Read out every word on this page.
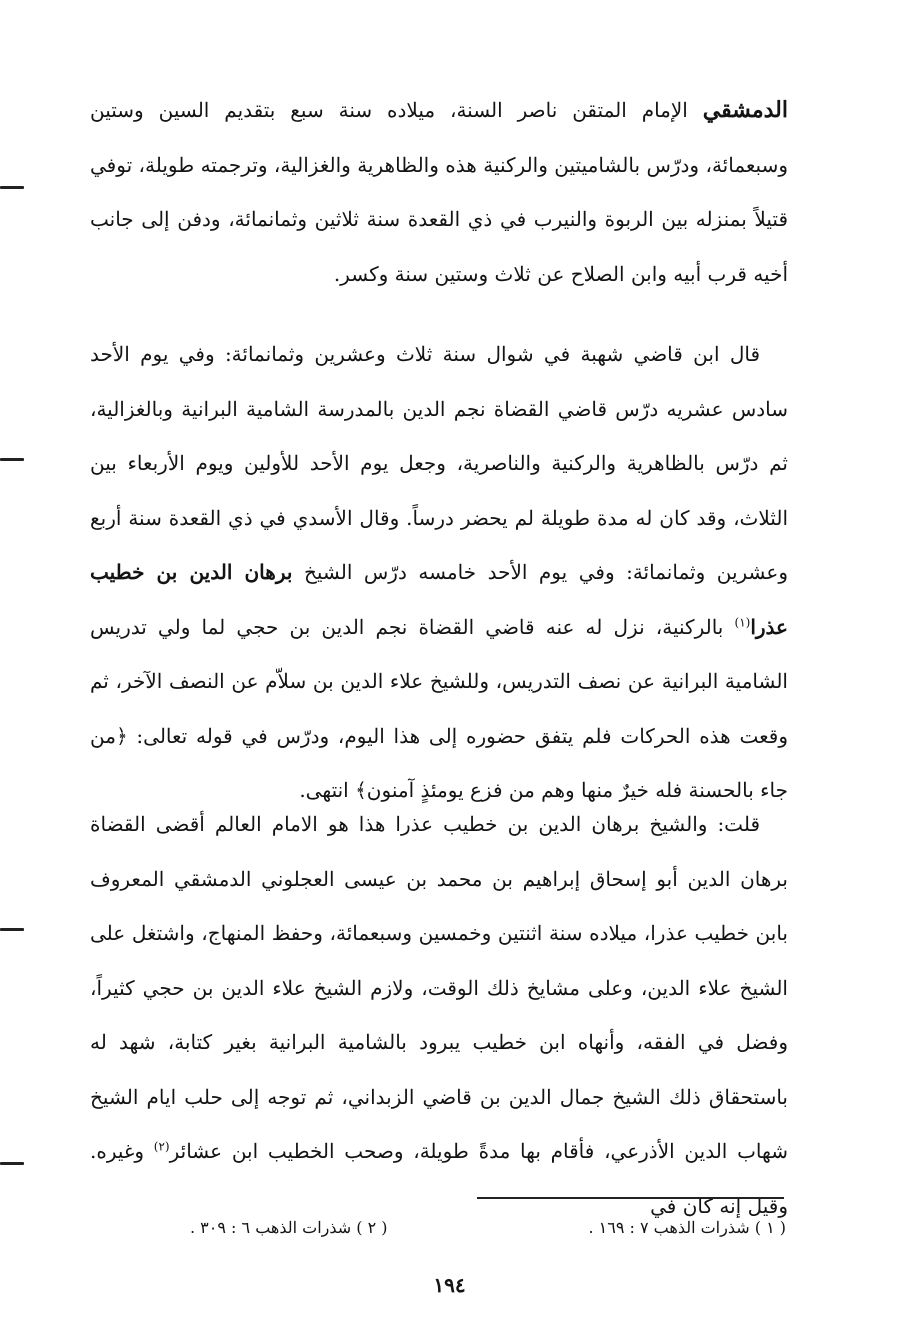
الدمشقي الإمام المتقن ناصر السنة، ميلاده سنة سبع بتقديم السين وستين وسبعمائة، ودرّس بالشاميتين والركنية هذه والظاهرية والغزالية، وترجمته طويلة، توفي قتيلاً بمنزله بين الربوة والنيرب في ذي القعدة سنة ثلاثين وثمانمائة، ودفن إلى جانب أخيه قرب أبيه وابن الصلاح عن ثلاث وستين سنة وكسر.

قال ابن قاضي شهبة في شوال سنة ثلاث وعشرين وثمانمائة: وفي يوم الأحد سادس عشريه درّس قاضي القضاة نجم الدين بالمدرسة الشامية البرانية وبالغزالية، ثم درّس بالظاهرية والركنية والناصرية، وجعل يوم الأحد للأولين ويوم الأربعاء بين الثلاث، وقد كان له مدة طويلة لم يحضر درساً. وقال الأسدي في ذي القعدة سنة أربع وعشرين وثمانمائة: وفي يوم الأحد خامسه درّس الشيخ برهان الدين بن خطيب عذرا$^{(١)}$ بالركنية، نزل له عنه قاضي القضاة نجم الدين بن حجي لما ولي تدريس الشامية البرانية عن نصف التدريس، وللشيخ علاء الدين بن سلاّم عن النصف الآخر، ثم وقعت هذه الحركات فلم يتفق حضوره إلى هذا اليوم، ودرّس في قوله تعالى: ﴿من جاء بالحسنة فله خيرٌ منها وهم من فزع يومئذٍ آمنون﴾ انتهى.

قلت: والشيخ برهان الدين بن خطيب عذرا هذا هو الامام العالم أقضى القضاة برهان الدين أبو إسحاق إبراهيم بن محمد بن عيسى العجلوني الدمشقي المعروف بابن خطيب عذرا، ميلاده سنة اثنتين وخمسين وسبعمائة، وحفظ المنهاج، واشتغل على الشيخ علاء الدين، وعلى مشايخ ذلك الوقت، ولازم الشيخ علاء الدين بن حجي كثيراً، وفضل في الفقه، وأنهاه ابن خطيب يبرود بالشامية البرانية بغير كتابة، شهد له باستحقاق ذلك الشيخ جمال الدين بن قاضي الزبداني، ثم توجه إلى حلب ايام الشيخ شهاب الدين الأذرعي، فأقام بها مدةً طويلة، وصحب الخطيب ابن عشائر$^{(٢)}$ وغيره. وقيل إنه كان في

( ١ ) شذرات الذهب ٧ : ١٦٩ .
( ٢ ) شذرات الذهب ٦ : ٣٠٩ .
١٩٤
